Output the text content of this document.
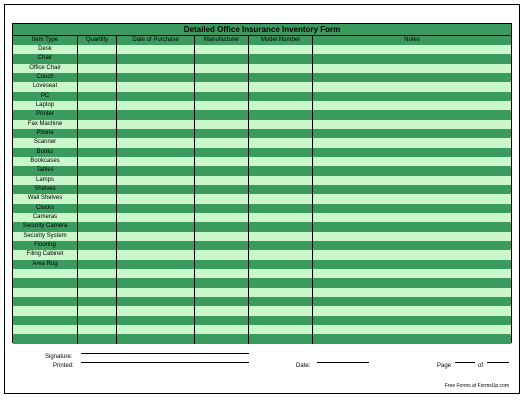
Detailed Office Insurance Inventory Form
Item Type	Quantity	Date of Purchase	Manufacturer	Model Number	Notes
Desk
Chair
Office Chair
Couch
Loveseat
PC
Laptop
Printer
Fax Machine
Phone
Scanner
Books
Bookcases
Tables
Lamps
Shelves
Wall Shelves
Clocks
Cameras
Security Camera
Security System
Flooring
Filing Cabinet
Area Rug
Signature:
Printed:	Date:	Page	of
Free Forms at FormsUp.com
